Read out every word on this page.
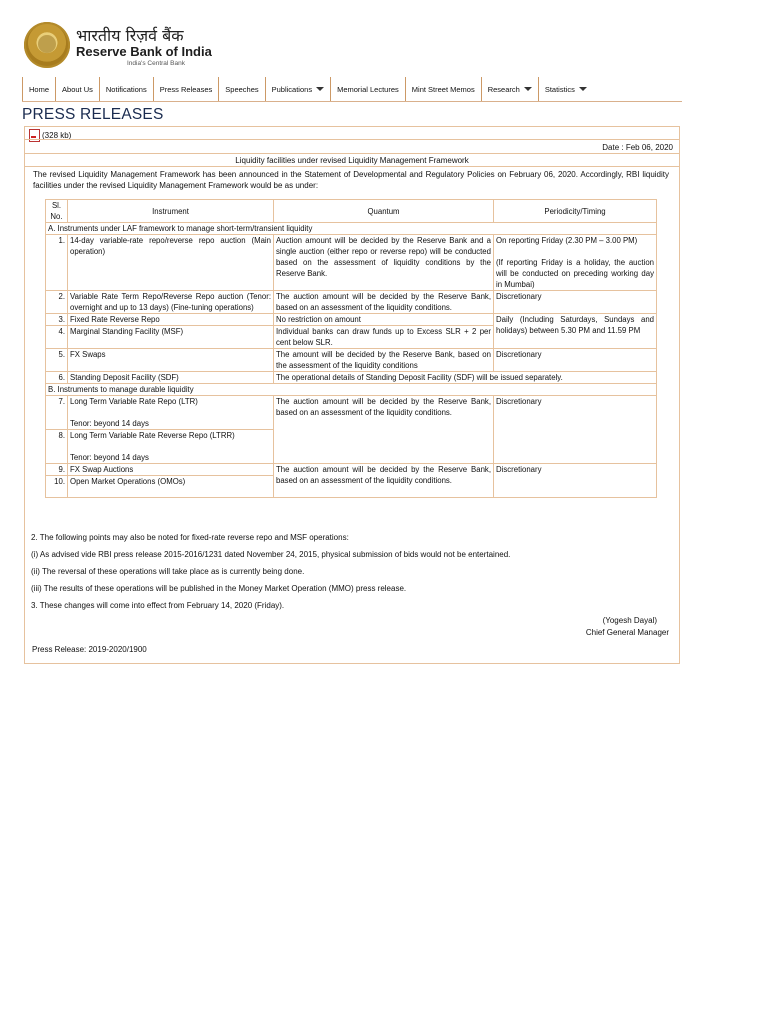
भारतीय रिज़र्व बैंक
Reserve Bank of India
India's Central Bank
Home About Us Notifications Press Releases Speeches Publications	Memorial Lectures Mint Street Memos Research	Statistics
PRESS RELEASES
(328 kb)
Date : Feb 06, 2020
Liquidity facilities under revised Liquidity Management Framework
The revised Liquidity Management Framework has been announced in the Statement of Developmental and Regulatory Policies on February 06, 2020. Accordingly, RBI liquidity facilities under the revised Liquidity Management Framework would be as under:
Sl. No.	Instrument	Quantum	Periodicity/Timing
A. Instruments under LAF framework to manage short-term/transient liquidity			
1.	14-day variable-rate repo/reverse repo auction (Main operation)	Auction amount will be decided by the Reserve Bank and a single auction (either repo or reverse repo) will be conducted based on the assessment of liquidity conditions by the Reserve Bank.	On reporting Friday (2.30 PM – 3.00 PM)
(If reporting Friday is a holiday, the auction will be conducted on preceding working day in Mumbai)

2.	Variable Rate Term Repo/Reverse Repo auction (Tenor: overnight and up to 13 days) (Fine-tuning operations)	The auction amount will be decided by the Reserve Bank, based on an assessment of the liquidity conditions.	Discretionary
3.	Fixed Rate Reverse Repo	No restriction on amount	Daily (Including Saturdays, Sundays and holidays) between 5.30 PM and 11.59 PM
4.	Marginal Standing Facility (MSF)	Individual banks can draw funds up to Excess SLR + 2 per cent below SLR.	
5.	FX Swaps	The amount will be decided by the Reserve Bank, based on the assessment of the liquidity conditions	Discretionary
6.	Standing Deposit Facility (SDF)	The operational details of Standing Deposit Facility (SDF) will be issued separately.	
B. Instruments to manage durable liquidity			
7.	Long Term Variable Rate Repo (LTR)
Tenor: beyond 14 days	The auction amount will be decided by the Reserve Bank, based on an assessment of the liquidity conditions.	Discretionary
8.	Long Term Variable Rate Reverse Repo (LTRR)
Tenor: beyond 14 days		

9.	FX Swap Auctions	The auction amount will be decided by the Reserve Bank, based on an assessment of the liquidity conditions.	Discretionary
10.	Open Market Operations (OMOs)		

2. The following points may also be noted for fixed-rate reverse repo and MSF operations:

(i) As advised vide RBI press release 2015-2016/1231 dated November 24, 2015, physical submission of bids would not be entertained.

(ii) The reversal of these operations will take place as is currently being done.

(iii) The results of these operations will be published in the Money Market Operation (MMO) press release.

3. These changes will come into effect from February 14, 2020 (Friday).

(Yogesh Dayal)
Chief General Manager
Press Release: 2019-2020/1900
